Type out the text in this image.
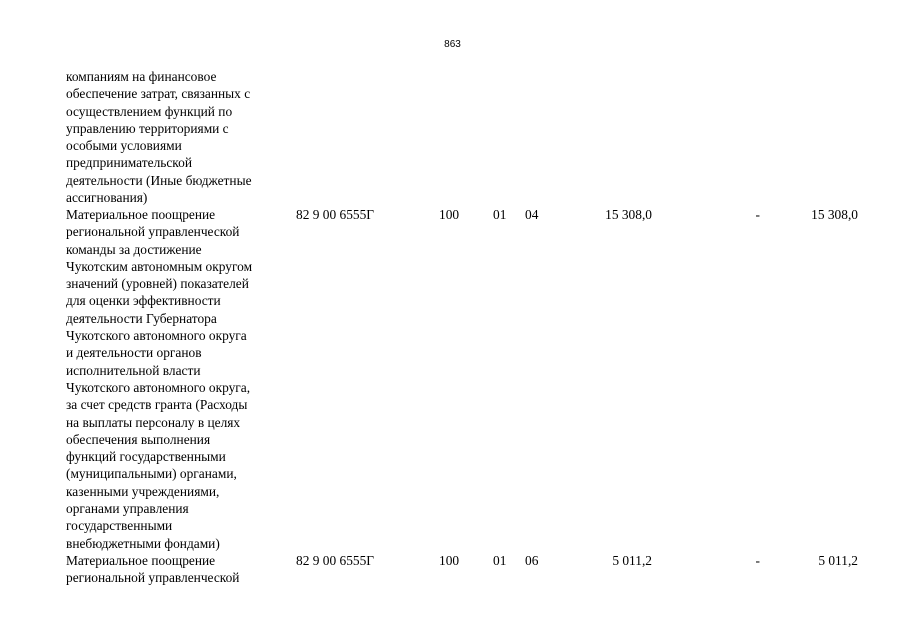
863
компаниям на финансовое
обеспечение затрат, связанных с
осуществлением функций по
управлению территориями с
особыми условиями
предпринимательской
деятельности (Иные бюджетные
ассигнования)
Материальное поощрение
региональной управленческой
команды за достижение
Чукотским автономным округом
значений (уровней) показателей
для оценки эффективности
деятельности Губернатора
Чукотского автономного округа
и деятельности органов
исполнительной власти
Чукотского автономного округа,
за счет средств гранта (Расходы
на выплаты персоналу в целях
обеспечения выполнения
функций государственными
(муниципальными) органами,
казенными учреждениями,
органами управления
государственными
внебюджетными фондами)
82 9 00 6555Г	100	01 04	15 308,0	-	15 308,0
Материальное поощрение
региональной управленческой
82 9 00 6555Г	100	01 06	5 011,2	-	5 011,2
